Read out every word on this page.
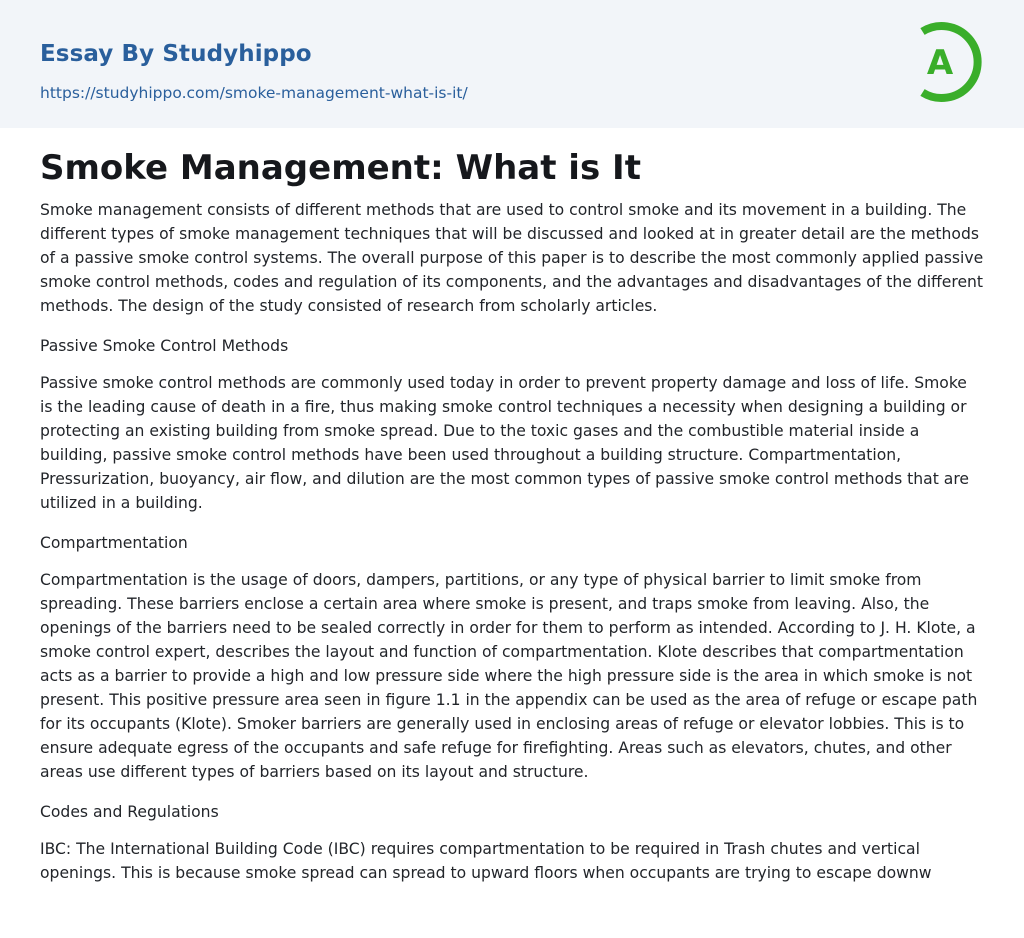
Essay By Studyhippo
https://studyhippo.com/smoke-management-what-is-it/
A
Smoke Management: What is It

Smoke management consists of different methods that are used to control smoke and its movement in a building. The different types of smoke management techniques that will be discussed and looked at in greater detail are the methods of a passive smoke control systems. The overall purpose of this paper is to describe the most commonly applied passive smoke control methods, codes and regulation of its components, and the advantages and disadvantages of the different methods. The design of the study consisted of research from scholarly articles.

Passive Smoke Control Methods

Passive smoke control methods are commonly used today in order to prevent property damage and loss of life. Smoke is the leading cause of death in a fire, thus making smoke control techniques a necessity when designing a building or protecting an existing building from smoke spread. Due to the toxic gases and the combustible material inside a building, passive smoke control methods have been used throughout a building structure. Compartmentation, Pressurization, buoyancy, air flow, and dilution are the most common types of passive smoke control methods that are utilized in a building.

Compartmentation

Compartmentation is the usage of doors, dampers, partitions, or any type of physical barrier to limit smoke from spreading. These barriers enclose a certain area where smoke is present, and traps smoke from leaving. Also, the openings of the barriers need to be sealed correctly in order for them to perform as intended. According to J. H. Klote, a smoke control expert, describes the layout and function of compartmentation. Klote describes that compartmentation acts as a barrier to provide a high and low pressure side where the high pressure side is the area in which smoke is not present. This positive pressure area seen in figure 1.1 in the appendix can be used as the area of refuge or escape path for its occupants (Klote). Smoker barriers are generally used in enclosing areas of refuge or elevator lobbies. This is to ensure adequate egress of the occupants and safe refuge for firefighting. Areas such as elevators, chutes, and other areas use different types of barriers based on its layout and structure.

Codes and Regulations

IBC: The International Building Code (IBC) requires compartmentation to be required in Trash chutes and vertical openings. This is because smoke spread can spread to upward floors when occupants are trying to escape downw
